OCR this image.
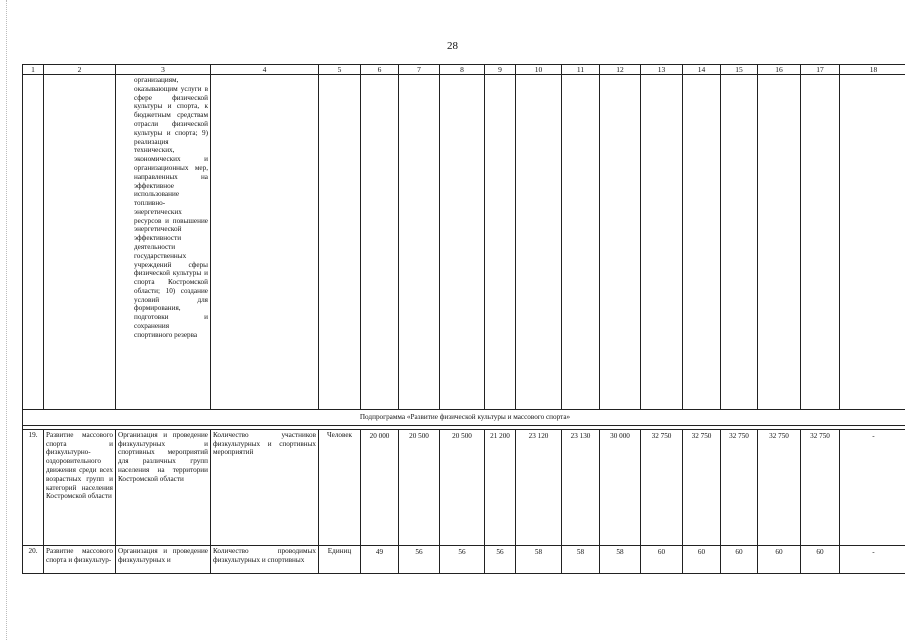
28
1	2	3	4	5	6	7	8	9	10	11	12	13	14	15	16	17	18
		организациям, оказывающим услуги в сфере физической культуры и спорта, к бюджетным средствам отрасли физической культуры и спорта; 9) реализация технических, экономических и организационных мер, направленных на эффективное использование топливно-энергетических ресурсов и повышение энергетической эффективности деятельности государственных учреждений сферы физической культуры и спорта Костромской области; 10) создание условий для формирования, подготовки и сохранения спортивного резерва															
Подпрограмма «Развитие физической культуры и массового спорта»																	

19.	Развитие массового спорта и физкультурно-оздоровительного движения среди всех возрастных групп и категорий населения Костромской области	Организация и проведение физкультурных и спортивных мероприятий для различных групп населения на территории Костромской области	Количество участников физкультурных и спортивных мероприятий	Человек	20 000	20 500	20 500	21 200	23 120	23 130	30 000	32 750	32 750	32 750	32 750	32 750	-
20.	Развитие массового спорта и физкультур-	Организация и проведение физкультурных и	Количество проводимых физкультурных и спортивных	Единиц	49	56	56	56	58	58	58	60	60	60	60	60	-
